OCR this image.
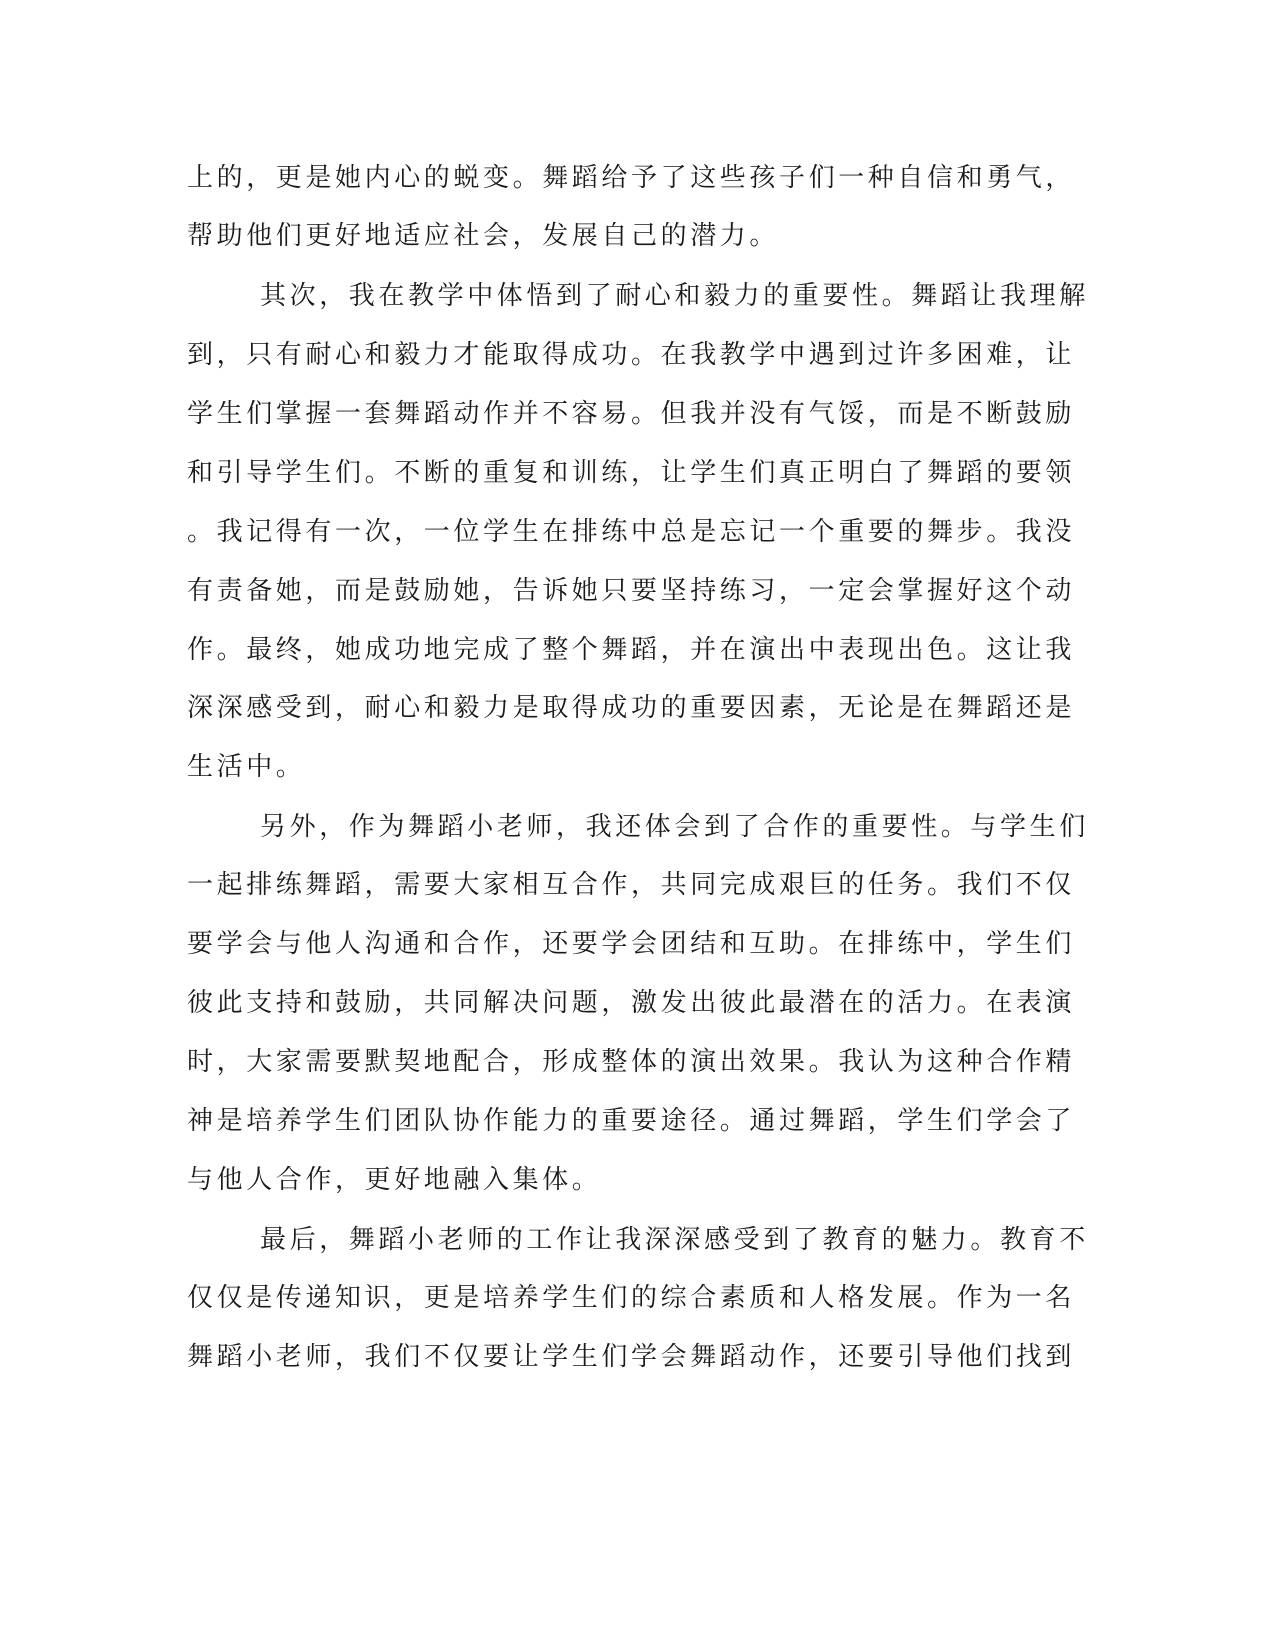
上的，更是她内心的蜕变。舞蹈给予了这些孩子们一种自信和勇气，
帮助他们更好地适应社会，发展自己的潜力。
其次，我在教学中体悟到了耐心和毅力的重要性。舞蹈让我理解
到，只有耐心和毅力才能取得成功。在我教学中遇到过许多困难，让
学生们掌握一套舞蹈动作并不容易。但我并没有气馁，而是不断鼓励
和引导学生们。不断的重复和训练，让学生们真正明白了舞蹈的要领
。我记得有一次，一位学生在排练中总是忘记一个重要的舞步。我没
有责备她，而是鼓励她，告诉她只要坚持练习，一定会掌握好这个动
作。最终，她成功地完成了整个舞蹈，并在演出中表现出色。这让我
深深感受到，耐心和毅力是取得成功的重要因素，无论是在舞蹈还是
生活中。
另外，作为舞蹈小老师，我还体会到了合作的重要性。与学生们
一起排练舞蹈，需要大家相互合作，共同完成艰巨的任务。我们不仅
要学会与他人沟通和合作，还要学会团结和互助。在排练中，学生们
彼此支持和鼓励，共同解决问题，激发出彼此最潜在的活力。在表演
时，大家需要默契地配合，形成整体的演出效果。我认为这种合作精
神是培养学生们团队协作能力的重要途径。通过舞蹈，学生们学会了
与他人合作，更好地融入集体。
最后，舞蹈小老师的工作让我深深感受到了教育的魅力。教育不
仅仅是传递知识，更是培养学生们的综合素质和人格发展。作为一名
舞蹈小老师，我们不仅要让学生们学会舞蹈动作，还要引导他们找到
